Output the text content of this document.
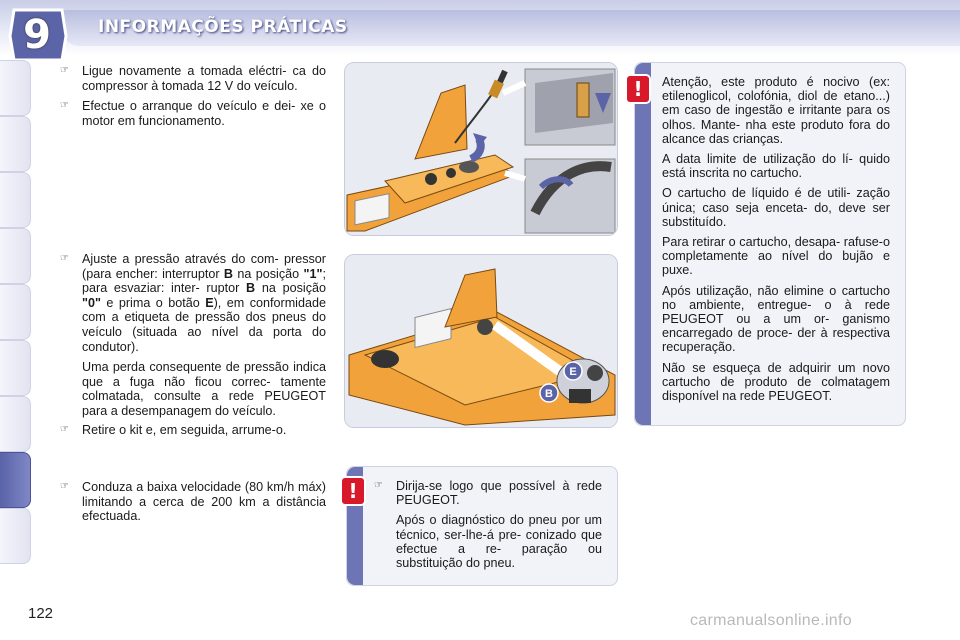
9	INFORMAÇÕES PRÁTICAS
☞ Ligue novamente a tomada eléctri- ca do compressor à tomada 12 V do veículo.
☞ Efectue o arranque do veículo e dei- xe o motor em funcionamento.
☞ Ajuste a pressão através do com- pressor (para encher: interruptor B na posição "1"; para esvaziar: inter- ruptor B na posição "0" e prima o botão E), em conformidade com a etiqueta de pressão dos pneus do veículo (situada ao nível da porta do condutor).

Uma perda consequente de pressão indica que a fuga não ficou correc- tamente colmatada, consulte a rede PEUGEOT para a desempanagem do veículo.

☞ Retire o kit e, em seguida, arrume-o.
☞ Conduza a baixa velocidade (80 km/h máx) limitando a cerca de 200 km a distância efectuada.
E
B
!	Atenção, este produto é nocivo (ex: etilenoglicol, colofónia, diol de etano...) em caso de ingestão e irritante para os olhos. Mante- nha este produto fora do alcance das crianças.

A data limite de utilização do lí- quido está inscrita no cartucho.

O cartucho de líquido é de utili- zação única; caso seja enceta- do, deve ser substituído.

Para retirar o cartucho, desapa- rafuse-o completamente ao nível do bujão e puxe.

Após utilização, não elimine o cartucho no ambiente, entregue- o à rede PEUGEOT ou a um or- ganismo encarregado de proce- der à respectiva recuperação.

Não se esqueça de adquirir um novo cartucho de produto de colmatagem disponível na rede PEUGEOT.

!	☞ Dirija-se logo que possível à rede PEUGEOT.

Após o diagnóstico do pneu por um técnico, ser-lhe-á pre- conizado que efectue a re- paração ou substituição do pneu.

122	carmanualsonline.info
